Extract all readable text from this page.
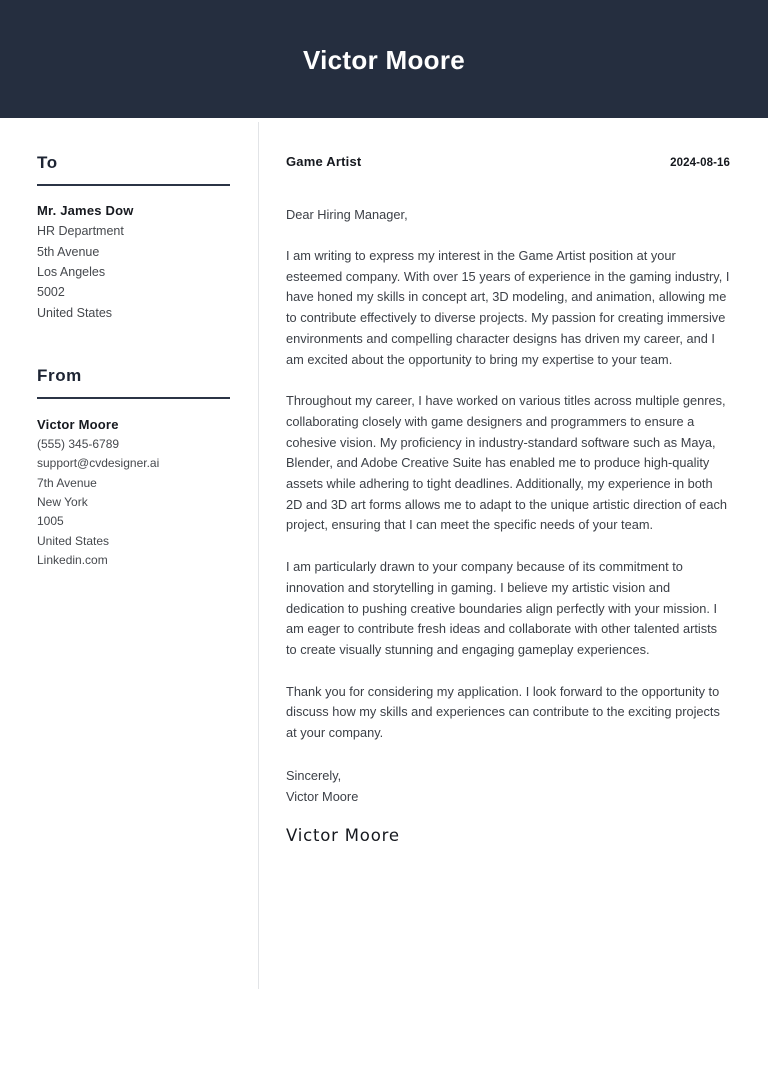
Victor Moore
To
Mr. James Dow
HR Department
5th Avenue
Los Angeles
5002
United States
From
Victor Moore
(555) 345-6789
support@cvdesigner.ai
7th Avenue
New York
1005
United States
Linkedin.com
Game Artist	2024-08-16
Dear Hiring Manager,

I am writing to express my interest in the Game Artist position at your esteemed company. With over 15 years of experience in the gaming industry, I have honed my skills in concept art, 3D modeling, and animation, allowing me to contribute effectively to diverse projects. My passion for creating immersive environments and compelling character designs has driven my career, and I am excited about the opportunity to bring my expertise to your team.

Throughout my career, I have worked on various titles across multiple genres, collaborating closely with game designers and programmers to ensure a cohesive vision. My proficiency in industry-standard software such as Maya, Blender, and Adobe Creative Suite has enabled me to produce high-quality assets while adhering to tight deadlines. Additionally, my experience in both 2D and 3D art forms allows me to adapt to the unique artistic direction of each project, ensuring that I can meet the specific needs of your team.

I am particularly drawn to your company because of its commitment to innovation and storytelling in gaming. I believe my artistic vision and dedication to pushing creative boundaries align perfectly with your mission. I am eager to contribute fresh ideas and collaborate with other talented artists to create visually stunning and engaging gameplay experiences.

Thank you for considering my application. I look forward to the opportunity to discuss how my skills and experiences can contribute to the exciting projects at your company.

Sincerely,
Victor Moore
Victor Moore
